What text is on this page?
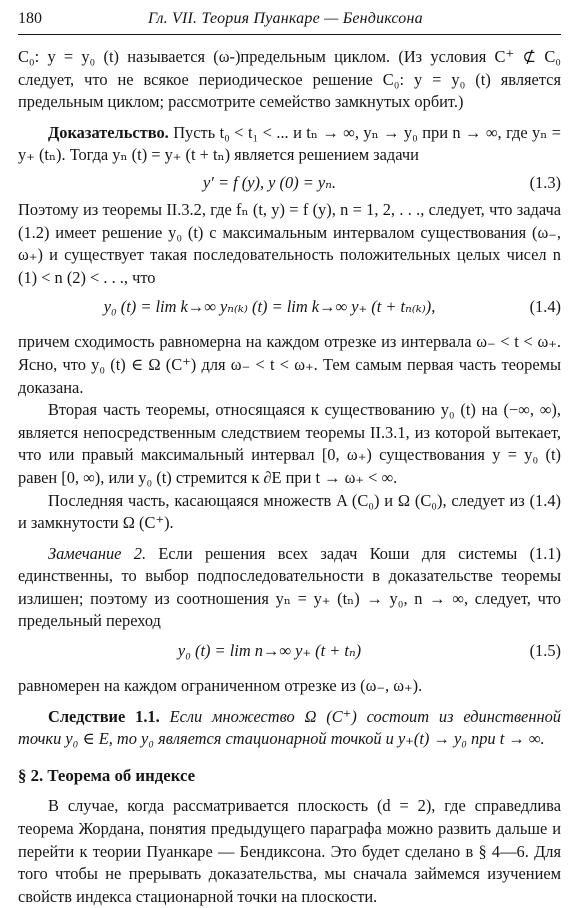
180	Гл. VII. Теория Пуанкаре — Бендиксона

C₀: y = y₀ (t) называется (ω-)предельным циклом. (Из условия C⁺ ⊄ C₀ следует, что не всякое периодическое решение C₀: y = y₀ (t) является предельным циклом; рассмотрите семейство замкнутых орбит.)

Доказательство. Пусть t₀ < t₁ < ... и tₙ → ∞, yₙ → y₀ при n → ∞, где yₙ = y₊ (tₙ). Тогда yₙ (t) = y₊ (t + tₙ) является решением задачи

y′ = f (y), y (0) = yₙ.	(1.3)

Поэтому из теоремы II.3.2, где fₙ (t, y) = f (y), n = 1, 2, . . ., следует, что задача (1.2) имеет решение y₀ (t) с максимальным интервалом существования (ω₋, ω₊) и существует такая последовательность положительных целых чисел n (1) < n (2) < . . ., что

y₀ (t) = lim k→∞ yₙ₍ₖ₎ (t) = lim k→∞ y₊ (t + tₙ₍ₖ₎),	(1.4)

причем сходимость равномерна на каждом отрезке из интервала ω₋ < t < ω₊. Ясно, что y₀ (t) ∈ Ω (C⁺) для ω₋ < t < ω₊. Тем самым первая часть теоремы доказана.

Вторая часть теоремы, относящаяся к существованию y₀ (t) на (−∞, ∞), является непосредственным следствием теоремы II.3.1, из которой вытекает, что или правый максимальный интервал [0, ω₊) существования y = y₀ (t) равен [0, ∞), или y₀ (t) стремится к ∂E при t → ω₊ < ∞.

Последняя часть, касающаяся множеств A (C₀) и Ω (C₀), следует из (1.4) и замкнутости Ω (C⁺).

Замечание 2. Если решения всех задач Коши для системы (1.1) единственны, то выбор подпоследовательности в доказательстве теоремы излишен; поэтому из соотношения yₙ = y₊ (tₙ) → y₀, n → ∞, следует, что предельный переход

y₀ (t) = lim n→∞ y₊ (t + tₙ)	(1.5)

равномерен на каждом ограниченном отрезке из (ω₋, ω₊).

Следствие 1.1. Если множество Ω (C⁺) состоит из единственной точки y₀ ∈ E, то y₀ является стационарной точкой и y₊(t) → y₀ при t → ∞.

§ 2. Теорема об индексе

В случае, когда рассматривается плоскость (d = 2), где справедлива теорема Жордана, понятия предыдущего параграфа можно развить дальше и перейти к теории Пуанкаре — Бендиксона. Это будет сделано в § 4—6. Для того чтобы не прерывать доказательства, мы сначала займемся изучением свойств индекса стационарной точки на плоскости.
